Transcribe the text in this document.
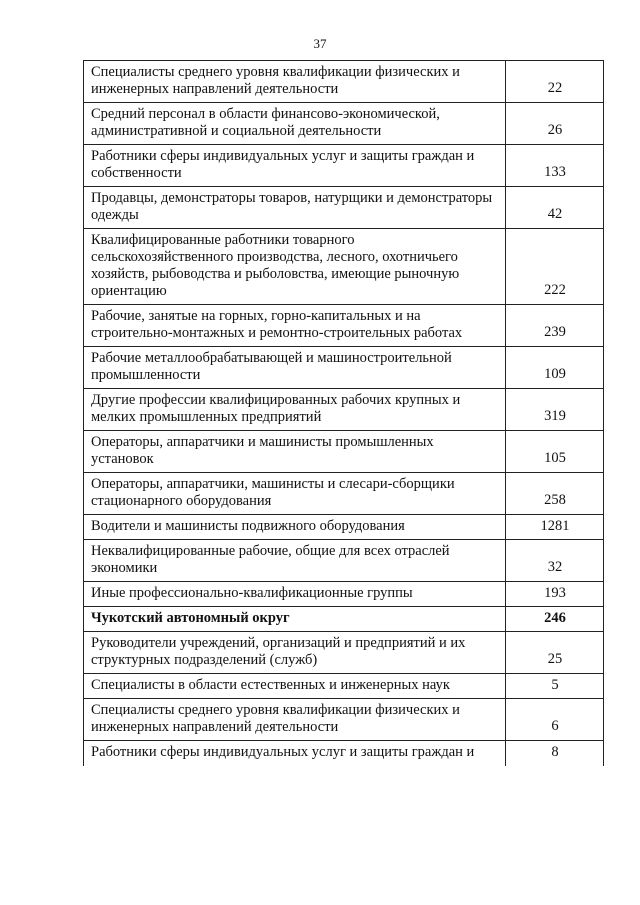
37
Специалисты среднего уровня квалификации физических и инженерных направлений деятельности	22
Средний персонал в области финансово-экономической, административной и социальной деятельности	26
Работники сферы индивидуальных услуг и защиты граждан и собственности	133
Продавцы, демонстраторы товаров, натурщики и демонстраторы одежды	42
Квалифицированные работники товарного сельскохозяйственного производства, лесного, охотничьего хозяйств, рыбоводства и рыболовства, имеющие рыночную ориентацию	222
Рабочие, занятые на горных, горно-капитальных и на строительно-монтажных и ремонтно-строительных работах	239
Рабочие металлообрабатывающей и машиностроительной промышленности	109
Другие профессии квалифицированных рабочих крупных и мелких промышленных предприятий	319
Операторы, аппаратчики и машинисты промышленных установок	105
Операторы, аппаратчики, машинисты и слесари-сборщики стационарного оборудования	258
Водители и машинисты подвижного оборудования	1281
Неквалифицированные рабочие, общие для всех отраслей экономики	32
Иные профессионально-квалификационные группы	193
Чукотский автономный округ	246
Руководители учреждений, организаций и предприятий и их структурных подразделений (служб)	25
Специалисты в области естественных и инженерных наук	5
Специалисты среднего уровня квалификации физических и инженерных направлений деятельности	6
Работники сферы индивидуальных услуг и защиты граждан и	8
